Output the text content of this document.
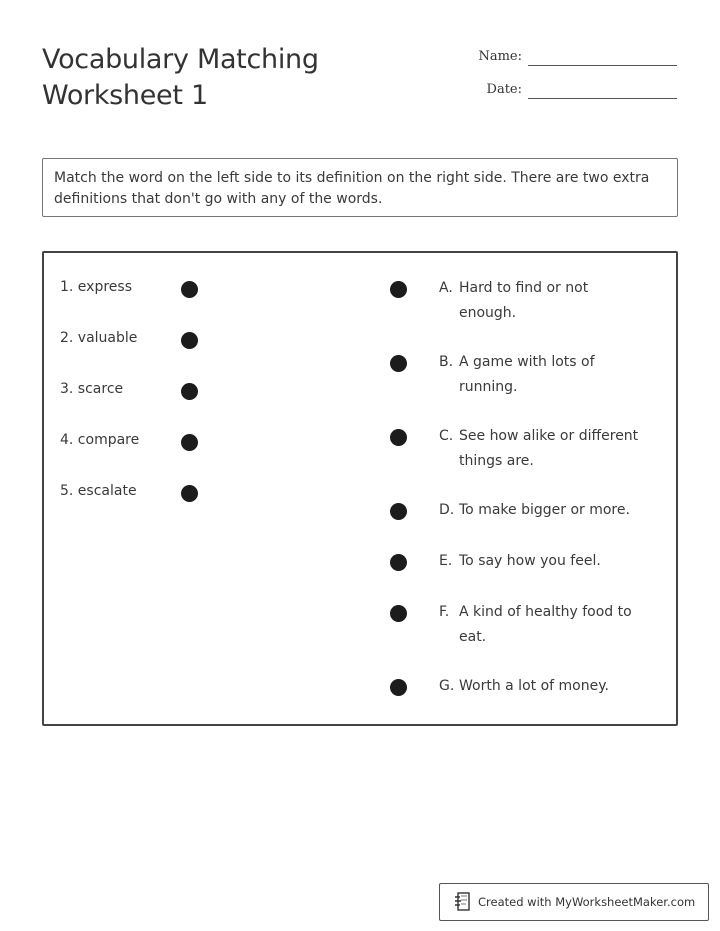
Vocabulary Matching
Worksheet 1
Name:
Date:
Match the word on the left side to its definition on the right side. There are two extra definitions that don't go with any of the words.
1. express
2. valuable
3. scarce
4. compare
5. escalate
A. Hard to find or not
enough.
B. A game with lots of
running.
C. See how alike or different
things are.
D. To make bigger or more.
E. To say how you feel.
F. A kind of healthy food to
eat.
G. Worth a lot of money.
Created with MyWorksheetMaker.com
